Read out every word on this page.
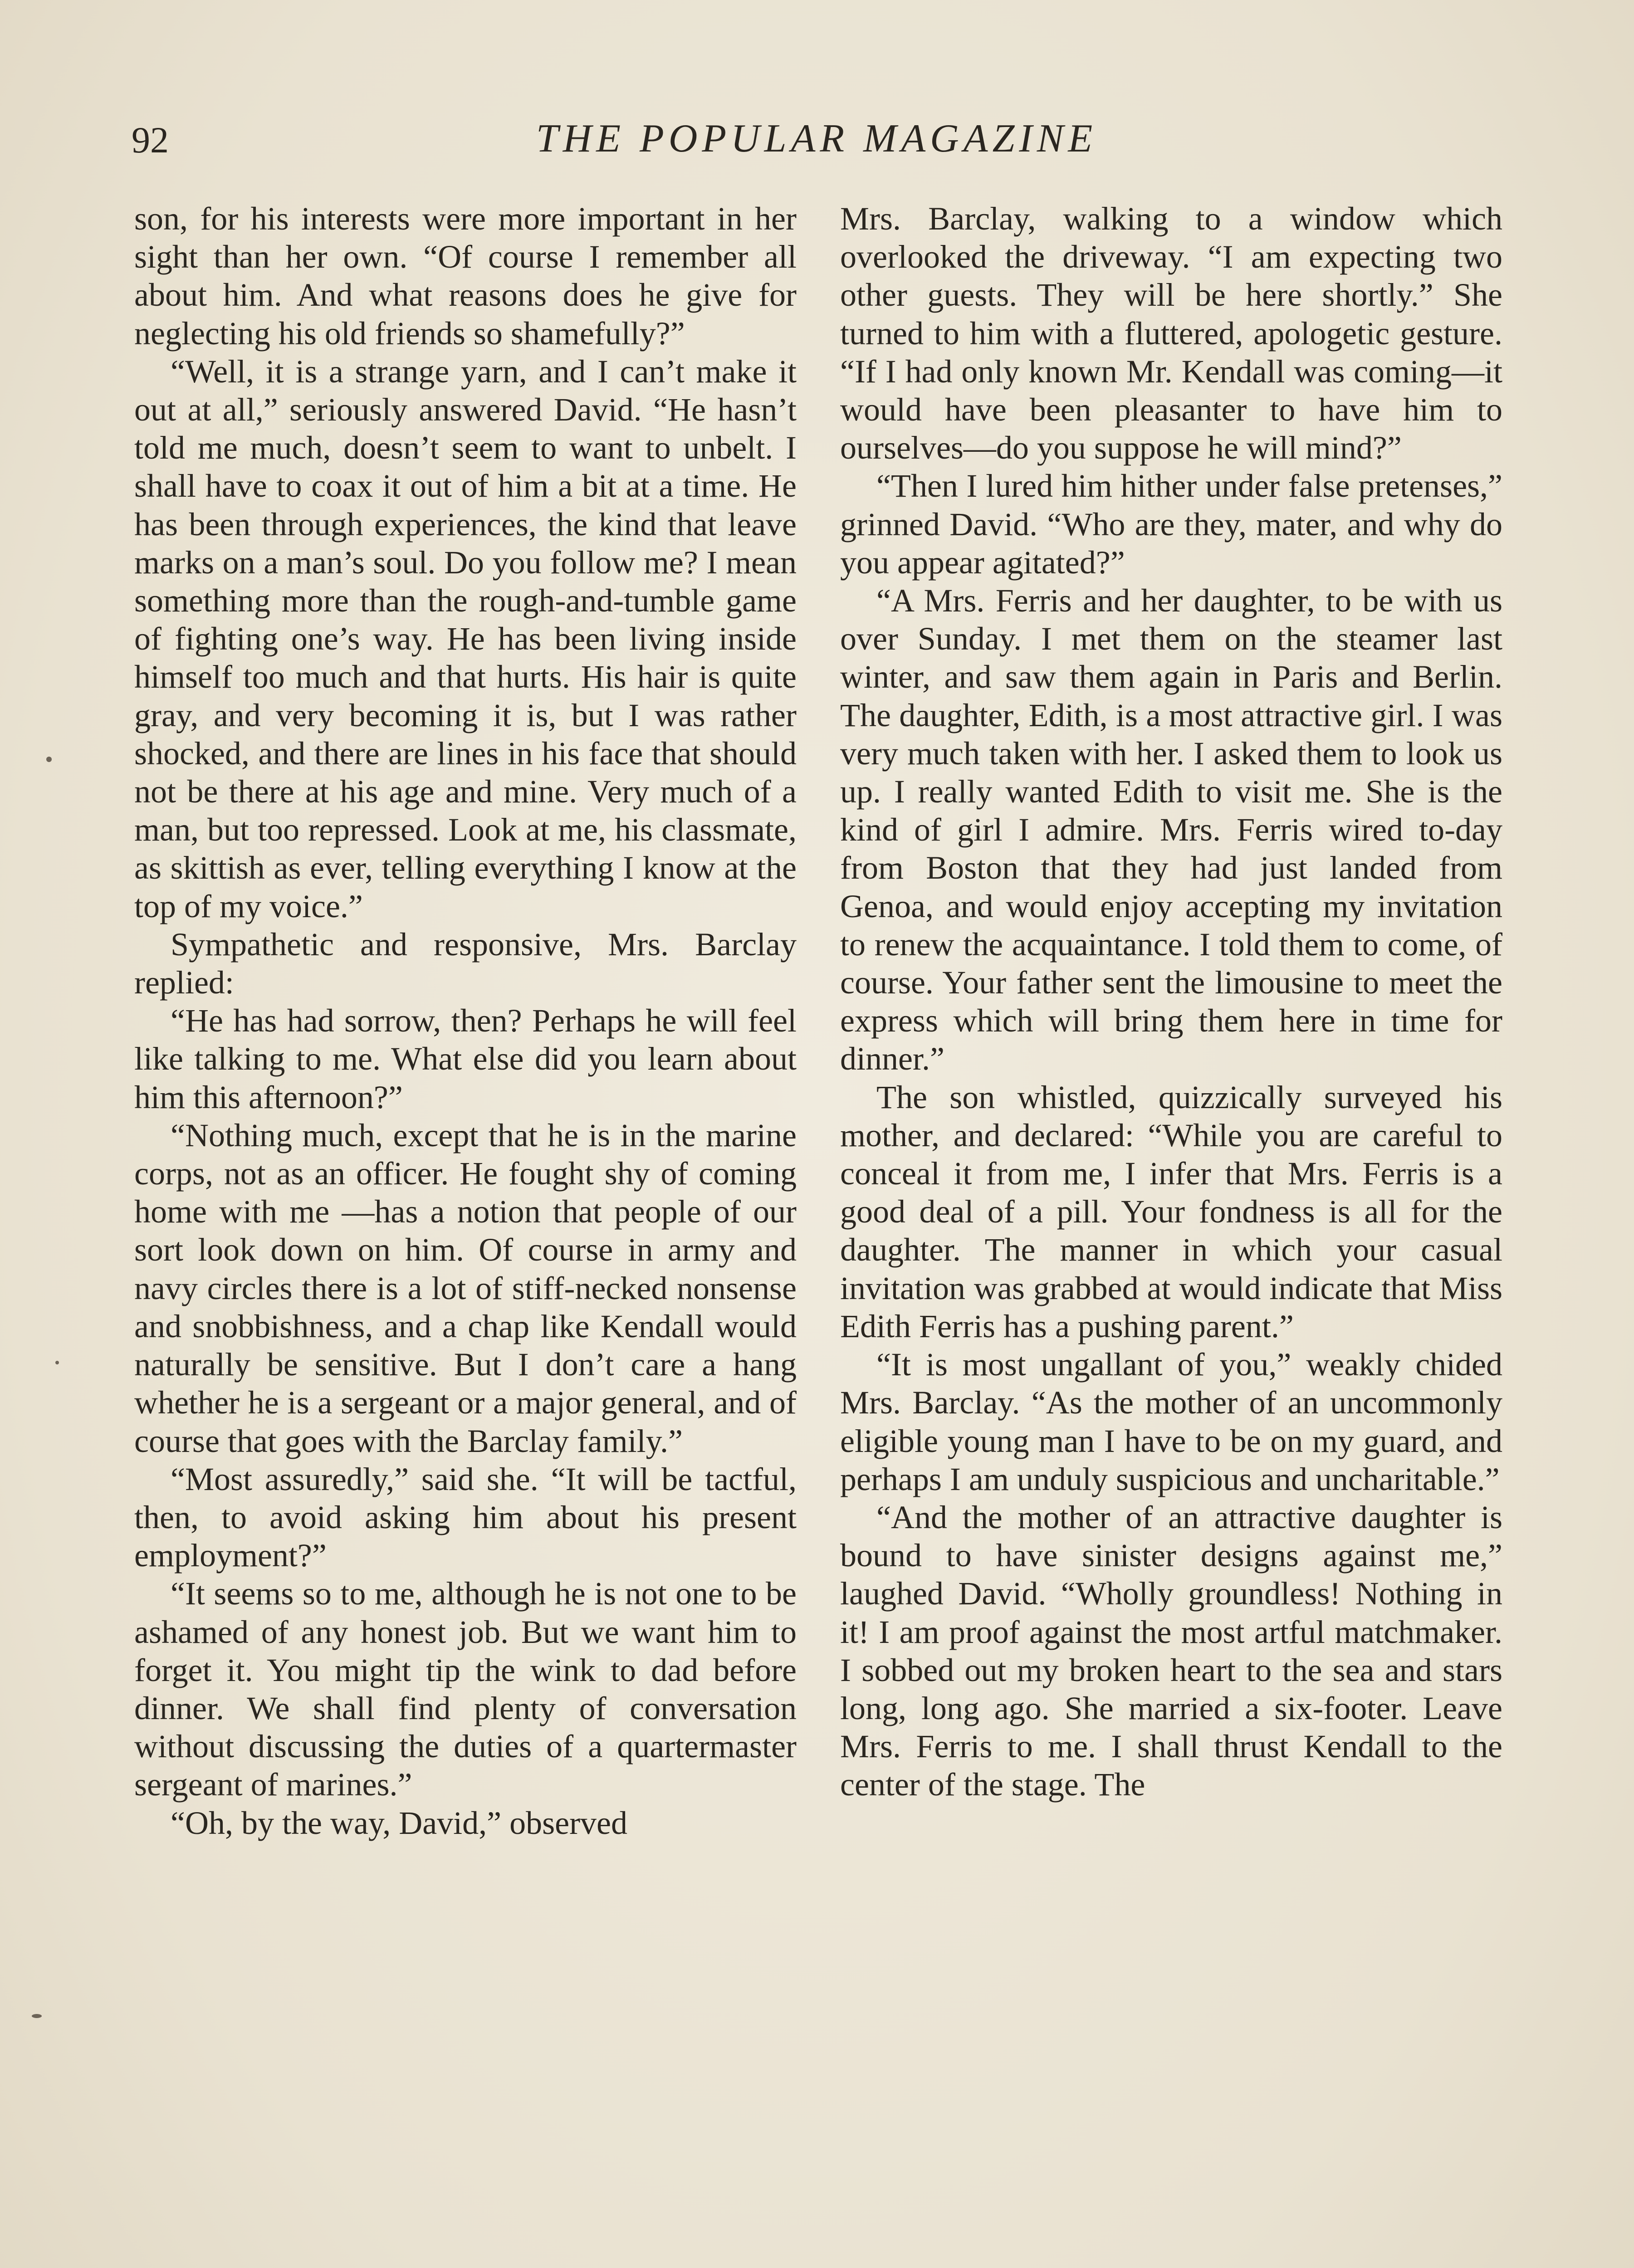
92	THE POPULAR MAGAZINE

son, for his interests were more important in her sight than her own. “Of course I remember all about him. And what reasons does he give for neglecting his old friends so shamefully?”

“Well, it is a strange yarn, and I can’t make it out at all,” seriously answered David. “He hasn’t told me much, doesn’t seem to want to unbelt. I shall have to coax it out of him a bit at a time. He has been through experiences, the kind that leave marks on a man’s soul. Do you follow me? I mean something more than the rough-and-tumble game of fighting one’s way. He has been living inside himself too much and that hurts. His hair is quite gray, and very becoming it is, but I was rather shocked, and there are lines in his face that should not be there at his age and mine. Very much of a man, but too repressed. Look at me, his classmate, as skittish as ever, telling everything I know at the top of my voice.”

Sympathetic and responsive, Mrs. Barclay replied:

“He has had sorrow, then? Perhaps he will feel like talking to me. What else did you learn about him this afternoon?”

“Nothing much, except that he is in the marine corps, not as an officer. He fought shy of coming home with me —has a notion that people of our sort look down on him. Of course in army and navy circles there is a lot of stiff-necked nonsense and snobbishness, and a chap like Kendall would naturally be sensitive. But I don’t care a hang whether he is a sergeant or a major general, and of course that goes with the Barclay family.”

“Most assuredly,” said she. “It will be tactful, then, to avoid asking him about his present employment?”

“It seems so to me, although he is not one to be ashamed of any honest job. But we want him to forget it. You might tip the wink to dad before dinner. We shall find plenty of conversation without discussing the duties of a quartermaster sergeant of marines.”

“Oh, by the way, David,” observed

Mrs. Barclay, walking to a window which overlooked the driveway. “I am expecting two other guests. They will be here shortly.” She turned to him with a fluttered, apologetic gesture. “If I had only known Mr. Kendall was coming—it would have been pleasanter to have him to ourselves—do you suppose he will mind?”

“Then I lured him hither under false pretenses,” grinned David. “Who are they, mater, and why do you appear agitated?”

“A Mrs. Ferris and her daughter, to be with us over Sunday. I met them on the steamer last winter, and saw them again in Paris and Berlin. The daughter, Edith, is a most attractive girl. I was very much taken with her. I asked them to look us up. I really wanted Edith to visit me. She is the kind of girl I admire. Mrs. Ferris wired to-day from Boston that they had just landed from Genoa, and would enjoy accepting my invitation to renew the acquaintance. I told them to come, of course. Your father sent the limousine to meet the express which will bring them here in time for dinner.”

The son whistled, quizzically surveyed his mother, and declared: “While you are careful to conceal it from me, I infer that Mrs. Ferris is a good deal of a pill. Your fondness is all for the daughter. The manner in which your casual invitation was grabbed at would indicate that Miss Edith Ferris has a pushing parent.”

“It is most ungallant of you,” weakly chided Mrs. Barclay. “As the mother of an uncommonly eligible young man I have to be on my guard, and perhaps I am unduly suspicious and uncharitable.”

“And the mother of an attractive daughter is bound to have sinister designs against me,” laughed David. “Wholly groundless! Nothing in it! I am proof against the most artful matchmaker. I sobbed out my broken heart to the sea and stars long, long ago. She married a six-footer. Leave Mrs. Ferris to me. I shall thrust Kendall to the center of the stage. The
